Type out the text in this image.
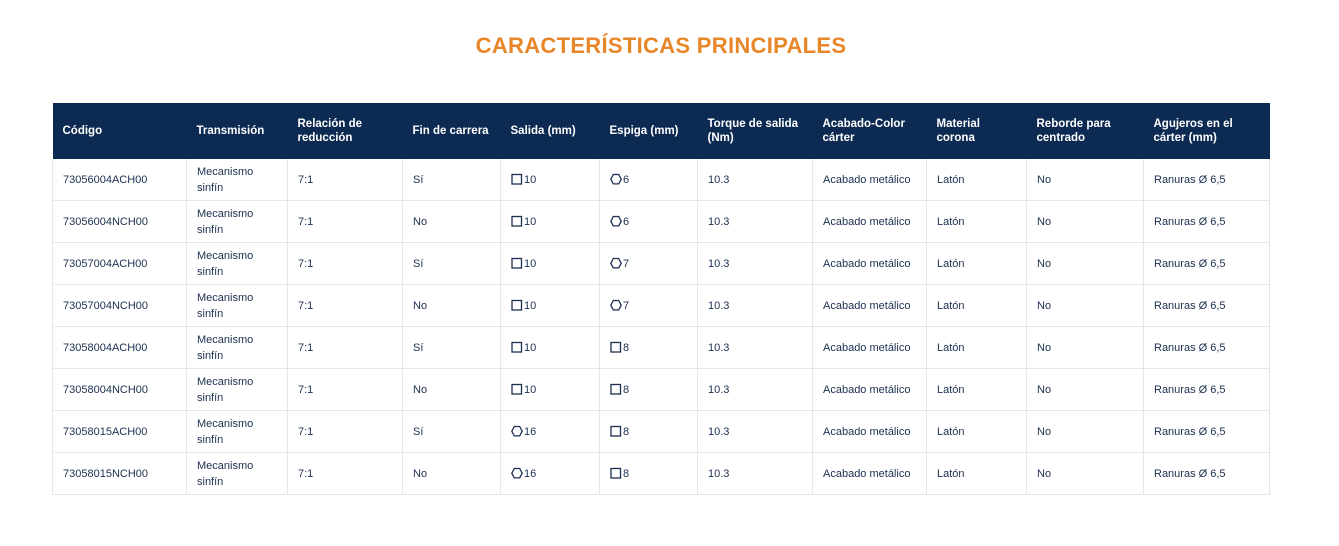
CARACTERÍSTICAS PRINCIPALES
Código	Transmisión	Relación de reducción	Fin de carrera	Salida (mm)	Espiga (mm)	Torque de salida (Nm)	Acabado-Color cárter	Material corona	Reborde para centrado	Agujeros en el cárter (mm)
73056004ACH00	Mecanismo sinfín	7:1	Sí	10	6	10.3	Acabado metálico	Latón	No	Ranuras Ø 6,5
73056004NCH00	Mecanismo sinfín	7:1	No	10	6	10.3	Acabado metálico	Latón	No	Ranuras Ø 6,5
73057004ACH00	Mecanismo sinfín	7:1	Sí	10	7	10.3	Acabado metálico	Latón	No	Ranuras Ø 6,5
73057004NCH00	Mecanismo sinfín	7:1	No	10	7	10.3	Acabado metálico	Latón	No	Ranuras Ø 6,5
73058004ACH00	Mecanismo sinfín	7:1	Sí	10	8	10.3	Acabado metálico	Latón	No	Ranuras Ø 6,5
73058004NCH00	Mecanismo sinfín	7:1	No	10	8	10.3	Acabado metálico	Latón	No	Ranuras Ø 6,5
73058015ACH00	Mecanismo sinfín	7:1	Sí	16	8	10.3	Acabado metálico	Latón	No	Ranuras Ø 6,5
73058015NCH00	Mecanismo sinfín	7:1	No	16	8	10.3	Acabado metálico	Latón	No	Ranuras Ø 6,5
